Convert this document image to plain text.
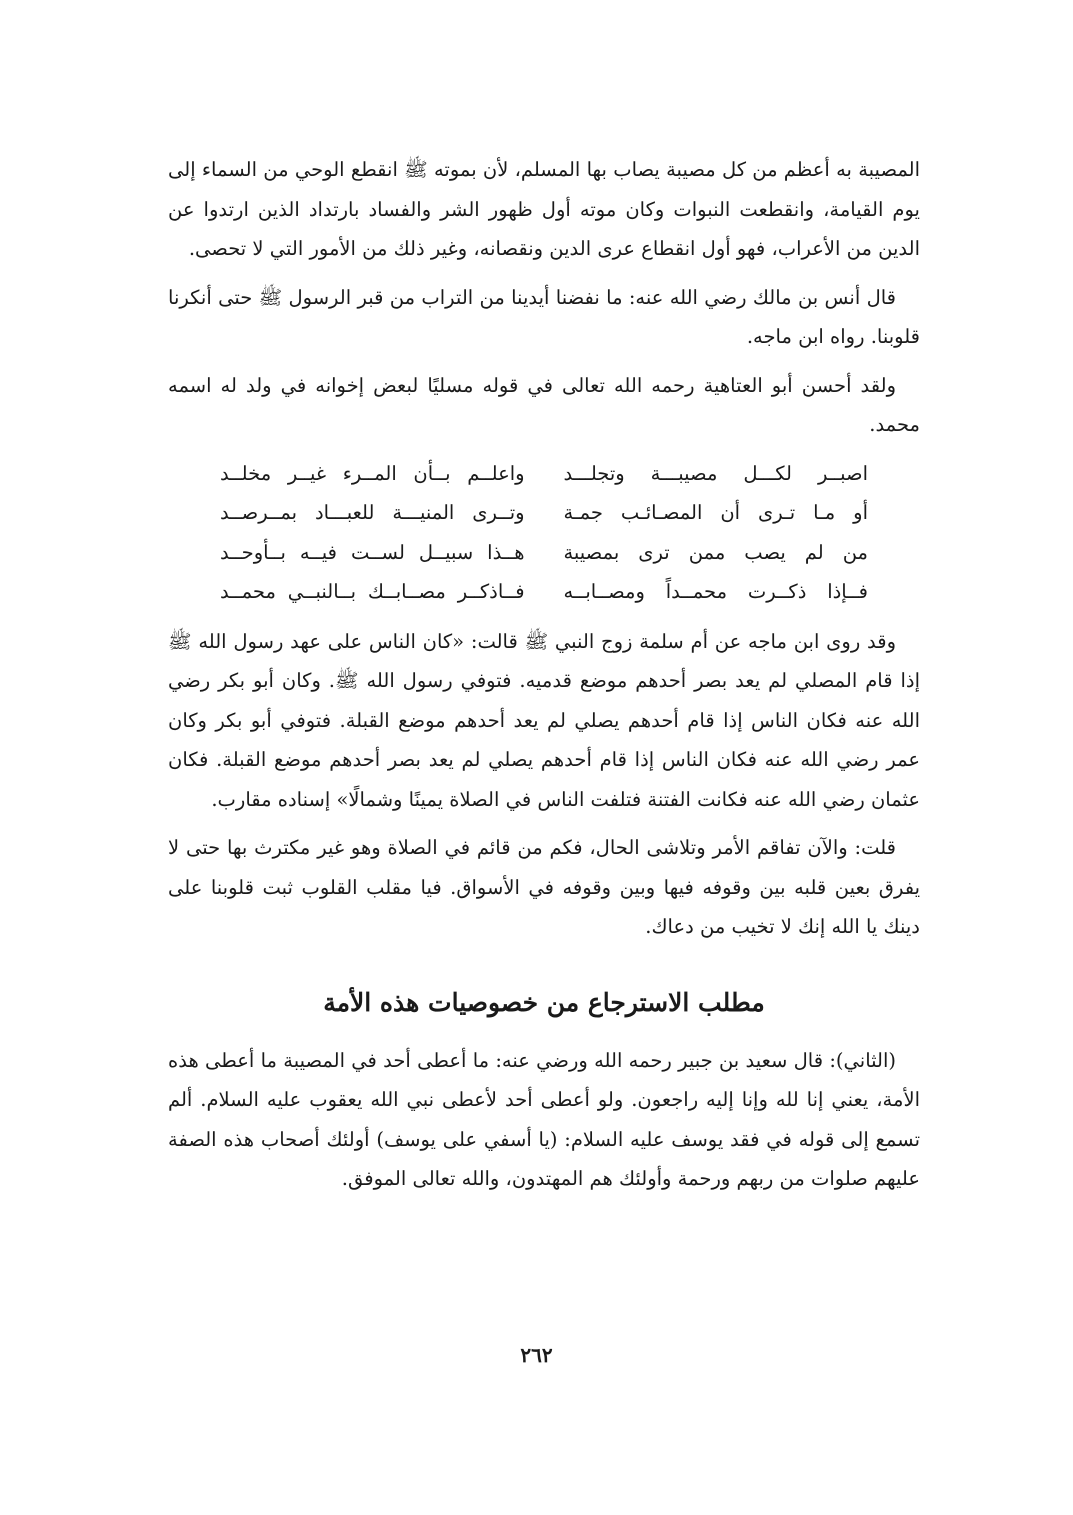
المصيبة به أعظم من كل مصيبة يصاب بها المسلم، لأن بموته ﷺ انقطع الوحي من السماء إلى يوم القيامة، وانقطعت النبوات وكان موته أول ظهور الشر والفساد بارتداد الذين ارتدوا عن الدين من الأعراب، فهو أول انقطاع عرى الدين ونقصانه، وغير ذلك من الأمور التي لا تحصى.

قال أنس بن مالك رضي الله عنه: ما نفضنا أيدينا من التراب من قبر الرسول ﷺ حتى أنكرنا قلوبنا. رواه ابن ماجه.

ولقد أحسن أبو العتاهية رحمه الله تعالى في قوله مسليًا لبعض إخوانه في ولد له اسمه محمد.

اصبــر لكـــل مصيبـــة وتجلـــد
واعلــم بــأن المــرء غيــر مخلــد
أو مـا تـرى أن المصـائـب جمـة
وتــرى المنيـــة للعبـــاد بمــرصــد
من لم يصب ممن ترى بمصيبة
هــذا سبيــل لســت فيــه بــأوحــد
فــإذا ذكــرت محمــداً ومصــابــه
فــاذكــر مصــابــك بــالنبــي محمــد

وقد روى ابن ماجه عن أم سلمة زوج النبي ﷺ قالت: «كان الناس على عهد رسول الله ﷺ إذا قام المصلي لم يعد بصر أحدهم موضع قدميه. فتوفي رسول الله ﷺ. وكان أبو بكر رضي الله عنه فكان الناس إذا قام أحدهم يصلي لم يعد أحدهم موضع القبلة. فتوفي أبو بكر وكان عمر رضي الله عنه فكان الناس إذا قام أحدهم يصلي لم يعد بصر أحدهم موضع القبلة. فكان عثمان رضي الله عنه فكانت الفتنة فتلفت الناس في الصلاة يمينًا وشمالًا» إسناده مقارب.

قلت: والآن تفاقم الأمر وتلاشى الحال، فكم من قائم في الصلاة وهو غير مكترث بها حتى لا يفرق بعين قلبه بين وقوفه فيها وبين وقوفه في الأسواق. فيا مقلب القلوب ثبت قلوبنا على دينك يا الله إنك لا تخيب من دعاك.

مطلب الاسترجاع من خصوصيات هذه الأمة

(الثاني): قال سعيد بن جبير رحمه الله ورضي عنه: ما أعطى أحد في المصيبة ما أعطى هذه الأمة، يعني إنا لله وإنا إليه راجعون. ولو أعطى أحد لأعطى نبي الله يعقوب عليه السلام. ألم تسمع إلى قوله في فقد يوسف عليه السلام: (يا أسفي على يوسف) أولئك أصحاب هذه الصفة عليهم صلوات من ربهم ورحمة وأولئك هم المهتدون، والله تعالى الموفق.

٢٦٢
